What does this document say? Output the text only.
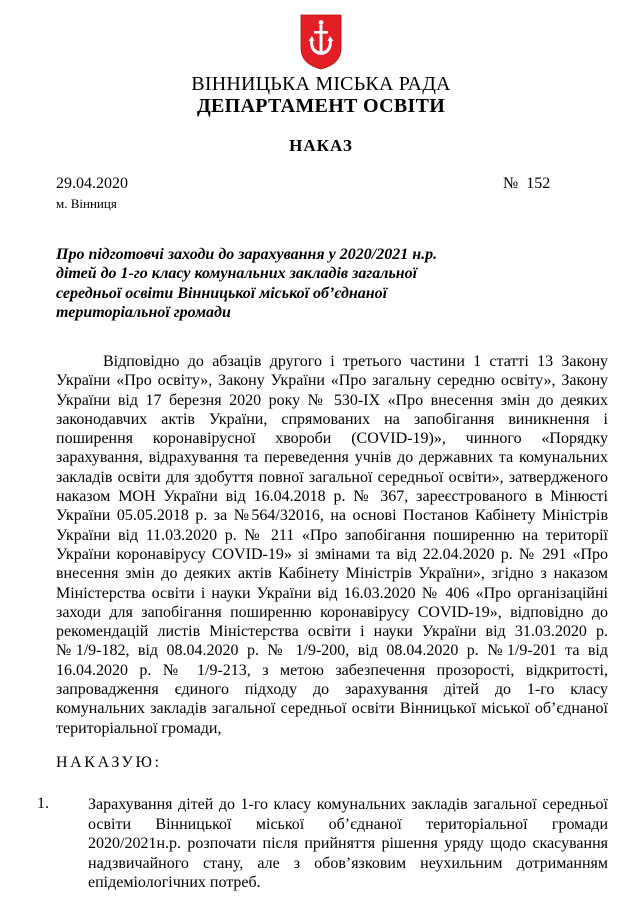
ВІННИЦЬКА МІСЬКА РАДА
ДЕПАРТАМЕНТ ОСВІТИ
НАКАЗ
29.04.2020
м. Вінниця
№  152
Про підготовчі заходи до зарахування у 2020/2021 н.р.
дітей до 1-го класу комунальних закладів загальної
середньої освіти Вінницької міської об’єднаної
територіальної громади
Відповідно до абзаців другого і третього частини 1 статті 13 Закону
України «Про освіту», Закону України «Про загальну середню освіту», Закону
України від 17 березня 2020 року № 530-IX «Про внесення змін до деяких
законодавчих актів України, спрямованих на запобігання виникнення і
поширення коронавірусної хвороби (COVID-19)», чинного «Порядку
зарахування, відрахування та переведення учнів до державних та комунальних
закладів освіти для здобуття повної загальної середньої освіти», затвердженого
наказом МОН України від 16.04.2018 р. № 367, зареєстрованого в Мінюсті
України 05.05.2018 р. за №564/32016, на основі Постанов Кабінету Міністрів
України від 11.03.2020 р. № 211 «Про запобігання поширенню на території
України коронавірусу COVID-19» зі змінами та від 22.04.2020 р. № 291 «Про
внесення змін до деяких актів Кабінету Міністрів України», згідно з наказом
Міністерства освіти і науки України від 16.03.2020 № 406 «Про організаційні
заходи для запобігання поширенню коронавірусу COVID-19», відповідно до
рекомендацій листів Міністерства освіти і науки України від 31.03.2020 р.
№1/9-182, від 08.04.2020 р. № 1/9-200, від 08.04.2020 р. №1/9-201 та від
16.04.2020 р. № 1/9-213, з метою забезпечення прозорості, відкритості,
запровадження єдиного підходу до зарахування дітей до 1-го класу
комунальних закладів загальної середньої освіти Вінницької міської об’єднаної
територіальної громади,
НАКАЗУЮ:
1. Зарахування дітей до 1-го класу комунальних закладів загальної середньої
освіти Вінницької міської об’єднаної територіальної громади
2020/2021н.р. розпочати після прийняття рішення уряду щодо скасування
надзвичайного стану, але з обов’язковим неухильним дотриманням
епідеміологічних потреб.
